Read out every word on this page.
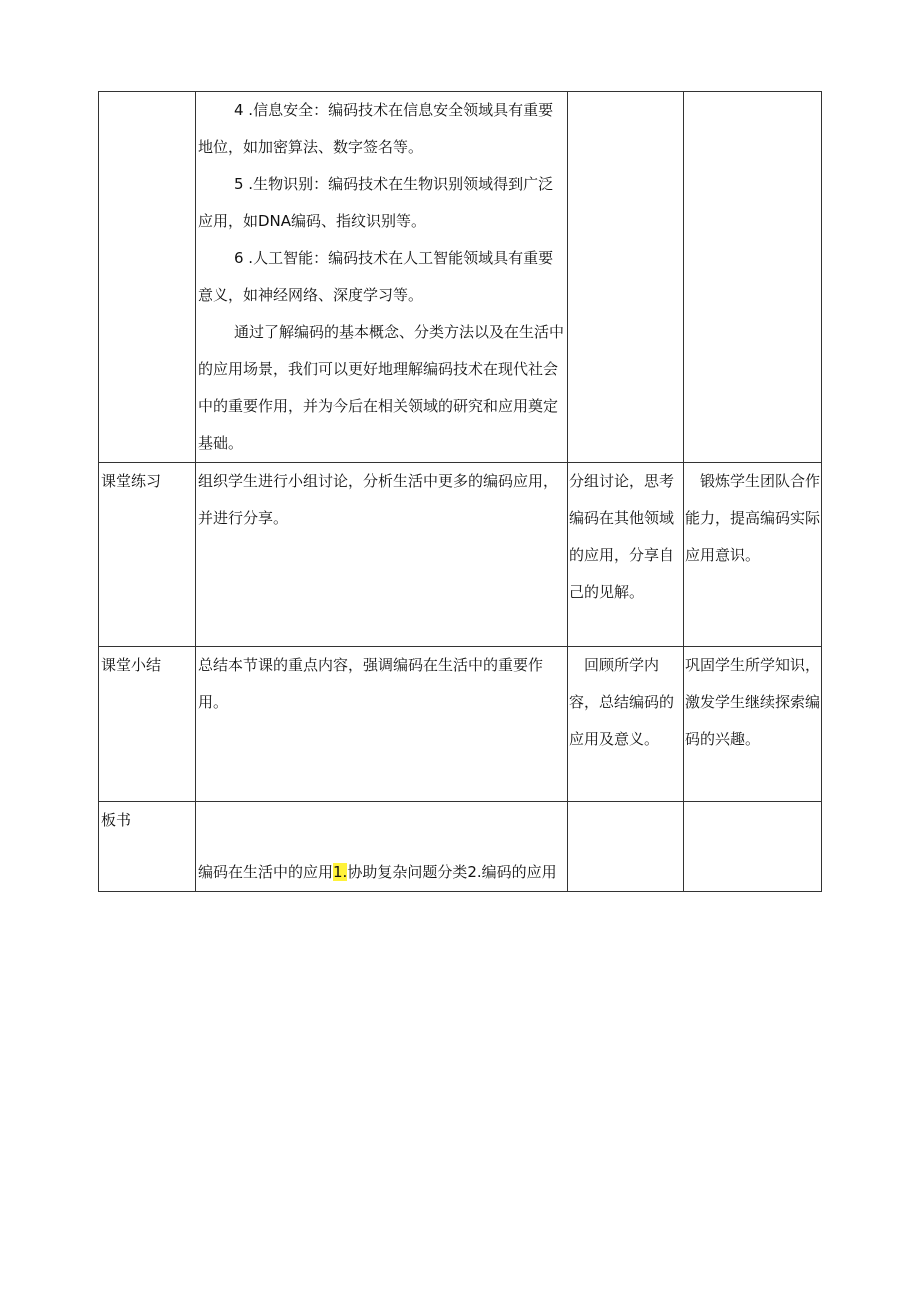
	4 .信息安全：编码技术在信息安全领域具有重要地位，如加密算法、数字签名等。

5 .生物识别：编码技术在生物识别领域得到广泛应用，如DNA编码、指纹识别等。

6 .人工智能：编码技术在人工智能领域具有重要意义，如神经网络、深度学习等。

通过了解编码的基本概念、分类方法以及在生活中的应用场景，我们可以更好地理解编码技术在现代社会中的重要作用，并为今后在相关领域的研究和应用奠定基础。		

课堂练习	组织学生进行小组讨论，分析生活中更多的编码应用，并进行分享。	分组讨论，思考编码在其他领域的应用，分享自己的见解。	锻炼学生团队合作能力，提高编码实际应用意识。

课堂小结	总结本节课的重点内容，强调编码在生活中的重要作用。	回顾所学内容，总结编码的应用及意义。	巩固学生所学知识，激发学生继续探索编码的兴趣。
板书	编码在生活中的应用1.协助复杂问题分类2.编码的应用		
